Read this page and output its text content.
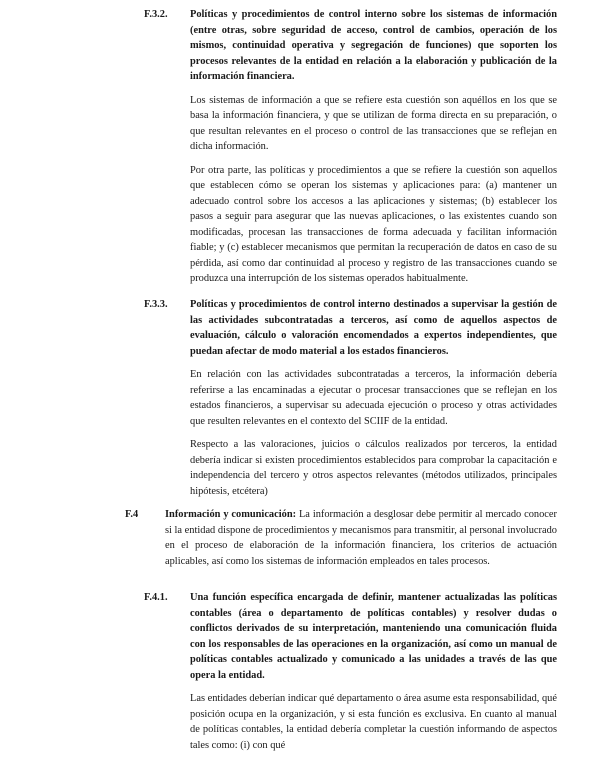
F.3.2. Políticas y procedimientos de control interno sobre los sistemas de información (entre otras, sobre seguridad de acceso, control de cambios, operación de los mismos, continuidad operativa y segregación de funciones) que soporten los procesos relevantes de la entidad en relación a la elaboración y publicación de la información financiera.

Los sistemas de información a que se refiere esta cuestión son aquéllos en los que se basa la información financiera, y que se utilizan de forma directa en su preparación, o que resultan relevantes en el proceso o control de las transacciones que se reflejan en dicha información.

Por otra parte, las políticas y procedimientos a que se refiere la cuestión son aquellos que establecen cómo se operan los sistemas y aplicaciones para: (a) mantener un adecuado control sobre los accesos a las aplicaciones y sistemas; (b) establecer los pasos a seguir para asegurar que las nuevas aplicaciones, o las existentes cuando son modificadas, procesan las transacciones de forma adecuada y facilitan información fiable; y (c) establecer mecanismos que permitan la recuperación de datos en caso de su pérdida, así como dar continuidad al proceso y registro de las transacciones cuando se produzca una interrupción de los sistemas operados habitualmente.

F.3.3. Políticas y procedimientos de control interno destinados a supervisar la gestión de las actividades subcontratadas a terceros, así como de aquellos aspectos de evaluación, cálculo o valoración encomendados a expertos independientes, que puedan afectar de modo material a los estados financieros.

En relación con las actividades subcontratadas a terceros, la información debería referirse a las encaminadas a ejecutar o procesar transacciones que se reflejan en los estados financieros, a supervisar su adecuada ejecución o proceso y otras actividades que resulten relevantes en el contexto del SCIIF de la entidad.

Respecto a las valoraciones, juicios o cálculos realizados por terceros, la entidad debería indicar si existen procedimientos establecidos para comprobar la capacitación e independencia del tercero y otros aspectos relevantes (métodos utilizados, principales hipótesis, etcétera)

F.4	Información y comunicación: La información a desglosar debe permitir al mercado conocer si la entidad dispone de procedimientos y mecanismos para transmitir, al personal involucrado en el proceso de elaboración de la información financiera, los criterios de actuación aplicables, así como los sistemas de información empleados en tales procesos.

F.4.1. Una función específica encargada de definir, mantener actualizadas las políticas contables (área o departamento de políticas contables) y resolver dudas o conflictos derivados de su interpretación, manteniendo una comunicación fluida con los responsables de las operaciones en la organización, así como un manual de políticas contables actualizado y comunicado a las unidades a través de las que opera la entidad.

Las entidades deberían indicar qué departamento o área asume esta responsabilidad, qué posición ocupa en la organización, y si esta función es exclusiva. En cuanto al manual de políticas contables, la entidad debería completar la cuestión informando de aspectos tales como: (i) con qué
